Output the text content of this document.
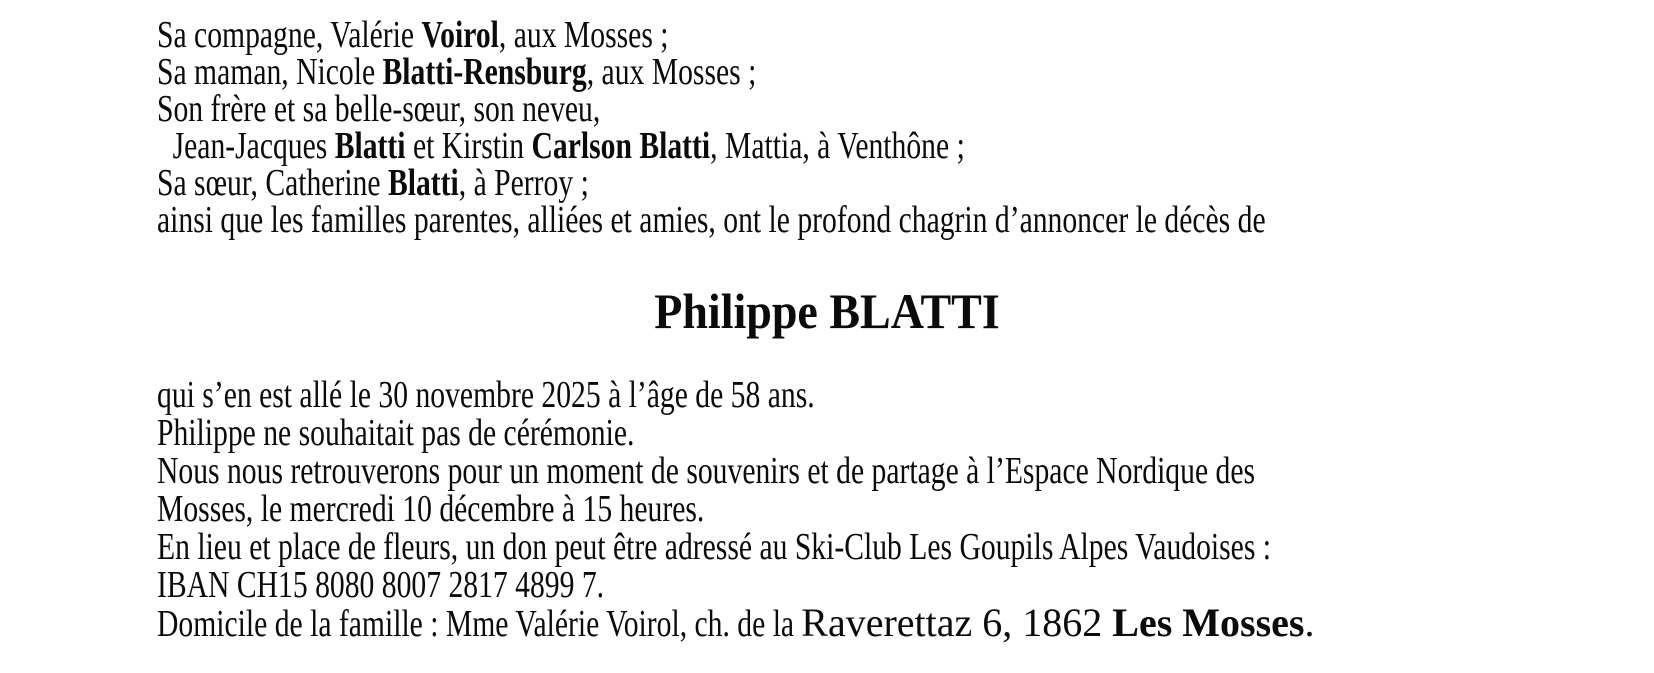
Sa compagne, Valérie Voirol, aux Mosses ;
Sa maman, Nicole Blatti-Rensburg, aux Mosses ;
Son frère et sa belle-sœur, son neveu,
Jean-Jacques Blatti et Kirstin Carlson Blatti, Mattia, à Venthône ;
Sa sœur, Catherine Blatti, à Perroy ;
ainsi que les familles parentes, alliées et amies, ont le profond chagrin d’annoncer le décès de
qui s’en est allé le 30 novembre 2025 à l’âge de 58 ans.
Philippe ne souhaitait pas de cérémonie.
Nous nous retrouverons pour un moment de souvenirs et de partage à l’Espace Nordique des
Mosses, le mercredi 10 décembre à 15 heures.
En lieu et place de fleurs, un don peut être adressé au Ski-Club Les Goupils Alpes Vaudoises :
IBAN CH15 8080 8007 2817 4899 7.
Domicile de la famille : Mme Valérie Voirol, ch. de la Raverettaz 6, 1862 Les Mosses.
Philippe BLATTI
